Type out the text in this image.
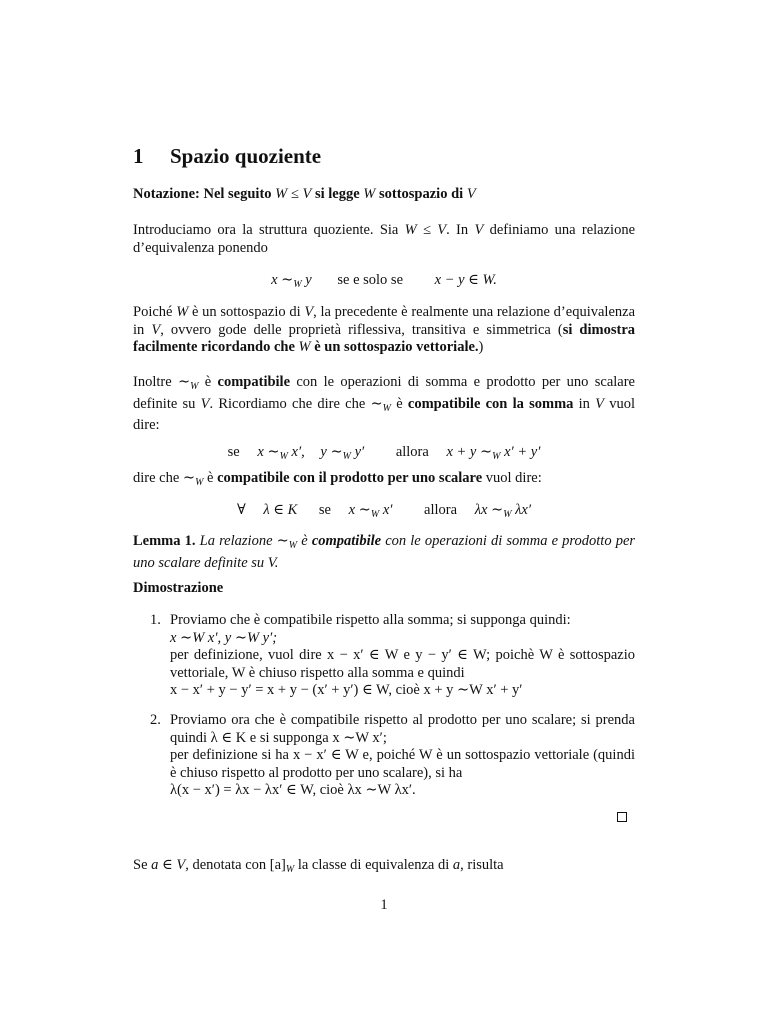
1 Spazio quoziente
Notazione: Nel seguito W ≤ V si legge W sottospazio di V
Introduciamo ora la struttura quoziente. Sia W ≤ V. In V definiamo una relazione d’equivalenza ponendo
x $\sim_W$ y se e solo se x − y ∈ W.
Poiché W è un sottospazio di V, la precedente è realmente una relazione d’equivalenza in V, ovvero gode delle proprietà riflessiva, transitiva e simmetrica (si dimostra facilmente ricordando che W è un sottospazio vettoriale.)
Inoltre $\sim_W$ è compatibile con le operazioni di somma e prodotto per uno scalare definite su V. Ricordiamo che dire che $\sim_W$ è compatibile con la somma in V vuol dire:
se x $\sim_W$ x′, y $\sim_W$ y′ allora x + y $\sim_W$ x′ + y′
dire che $\sim_W$ è compatibile con il prodotto per uno scalare vuol dire:
∀ λ ∈ K se x $\sim_W$ x′ allora λx $\sim_W$ λx′
Lemma 1. La relazione $\sim_W$ è compatibile con le operazioni di somma e prodotto per uno scalare definite su V.
Dimostrazione
1. Proviamo che è compatibile rispetto alla somma; si supponga quindi:
x ∼W x′, y ∼W y′;
per definizione, vuol dire x − x′ ∈ W e y − y′ ∈ W; poichè W è sottospazio vettoriale, W è chiuso rispetto alla somma e quindi
x − x′ + y − y′ = x + y − (x′ + y′) ∈ W, cioè x + y ∼W x′ + y′
2. Proviamo ora che è compatibile rispetto al prodotto per uno scalare; si prenda quindi λ ∈ K e si supponga x ∼W x′;
per definizione si ha x − x′ ∈ W e, poiché W è un sottospazio vettoriale (quindi è chiuso rispetto al prodotto per uno scalare), si ha
λ(x − x′) = λx − λx′ ∈ W, cioè λx ∼W λx′.
Se a ∈ V, denotata con $[a]_W$ la classe di equivalenza di a, risulta
1
